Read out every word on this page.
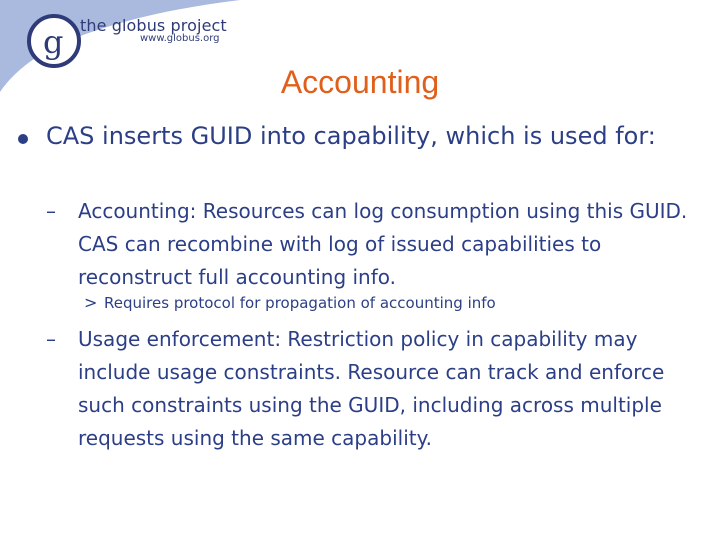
g the globus project
www.globus.org
Accounting
CAS inserts GUID into capability, which is used for:
– Accounting: Resources can log consumption using this GUID. CAS can recombine with log of issued capabilities to reconstruct full accounting info.
> Requires protocol for propagation of accounting info
– Usage enforcement: Restriction policy in capability may include usage constraints. Resource can track and enforce such constraints using the GUID, including across multiple requests using the same capability.
